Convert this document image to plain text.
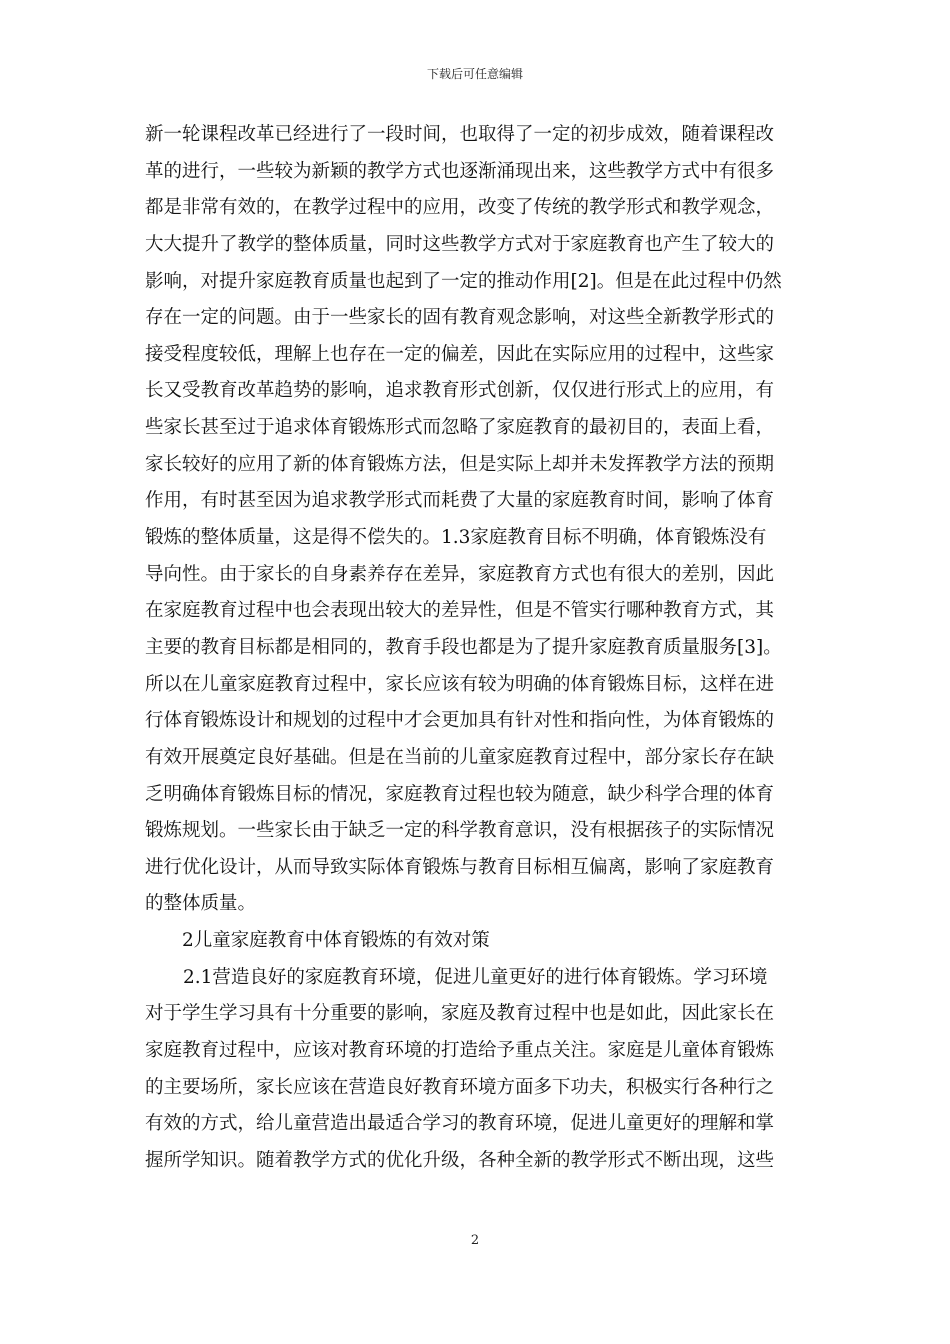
下载后可任意编辑
新一轮课程改革已经进行了一段时间，也取得了一定的初步成效，随着课程改
革的进行，一些较为新颖的教学方式也逐渐涌现出来，这些教学方式中有很多
都是非常有效的，在教学过程中的应用，改变了传统的教学形式和教学观念，
大大提升了教学的整体质量，同时这些教学方式对于家庭教育也产生了较大的
影响，对提升家庭教育质量也起到了一定的推动作用[2]。但是在此过程中仍然
存在一定的问题。由于一些家长的固有教育观念影响，对这些全新教学形式的
接受程度较低，理解上也存在一定的偏差，因此在实际应用的过程中，这些家
长又受教育改革趋势的影响，追求教育形式创新，仅仅进行形式上的应用，有
些家长甚至过于追求体育锻炼形式而忽略了家庭教育的最初目的，表面上看，
家长较好的应用了新的体育锻炼方法，但是实际上却并未发挥教学方法的预期
作用，有时甚至因为追求教学形式而耗费了大量的家庭教育时间，影响了体育
锻炼的整体质量，这是得不偿失的。1.3家庭教育目标不明确，体育锻炼没有
导向性。由于家长的自身素养存在差异，家庭教育方式也有很大的差别，因此
在家庭教育过程中也会表现出较大的差异性，但是不管实行哪种教育方式，其
主要的教育目标都是相同的，教育手段也都是为了提升家庭教育质量服务[3]。
所以在儿童家庭教育过程中，家长应该有较为明确的体育锻炼目标，这样在进
行体育锻炼设计和规划的过程中才会更加具有针对性和指向性，为体育锻炼的
有效开展奠定良好基础。但是在当前的儿童家庭教育过程中，部分家长存在缺
乏明确体育锻炼目标的情况，家庭教育过程也较为随意，缺少科学合理的体育
锻炼规划。一些家长由于缺乏一定的科学教育意识，没有根据孩子的实际情况
进行优化设计，从而导致实际体育锻炼与教育目标相互偏离，影响了家庭教育
的整体质量。
2儿童家庭教育中体育锻炼的有效对策
2.1营造良好的家庭教育环境，促进儿童更好的进行体育锻炼。学习环境
对于学生学习具有十分重要的影响，家庭及教育过程中也是如此，因此家长在
家庭教育过程中，应该对教育环境的打造给予重点关注。家庭是儿童体育锻炼
的主要场所，家长应该在营造良好教育环境方面多下功夫，积极实行各种行之
有效的方式，给儿童营造出最适合学习的教育环境，促进儿童更好的理解和掌
握所学知识。随着教学方式的优化升级，各种全新的教学形式不断出现，这些
2
